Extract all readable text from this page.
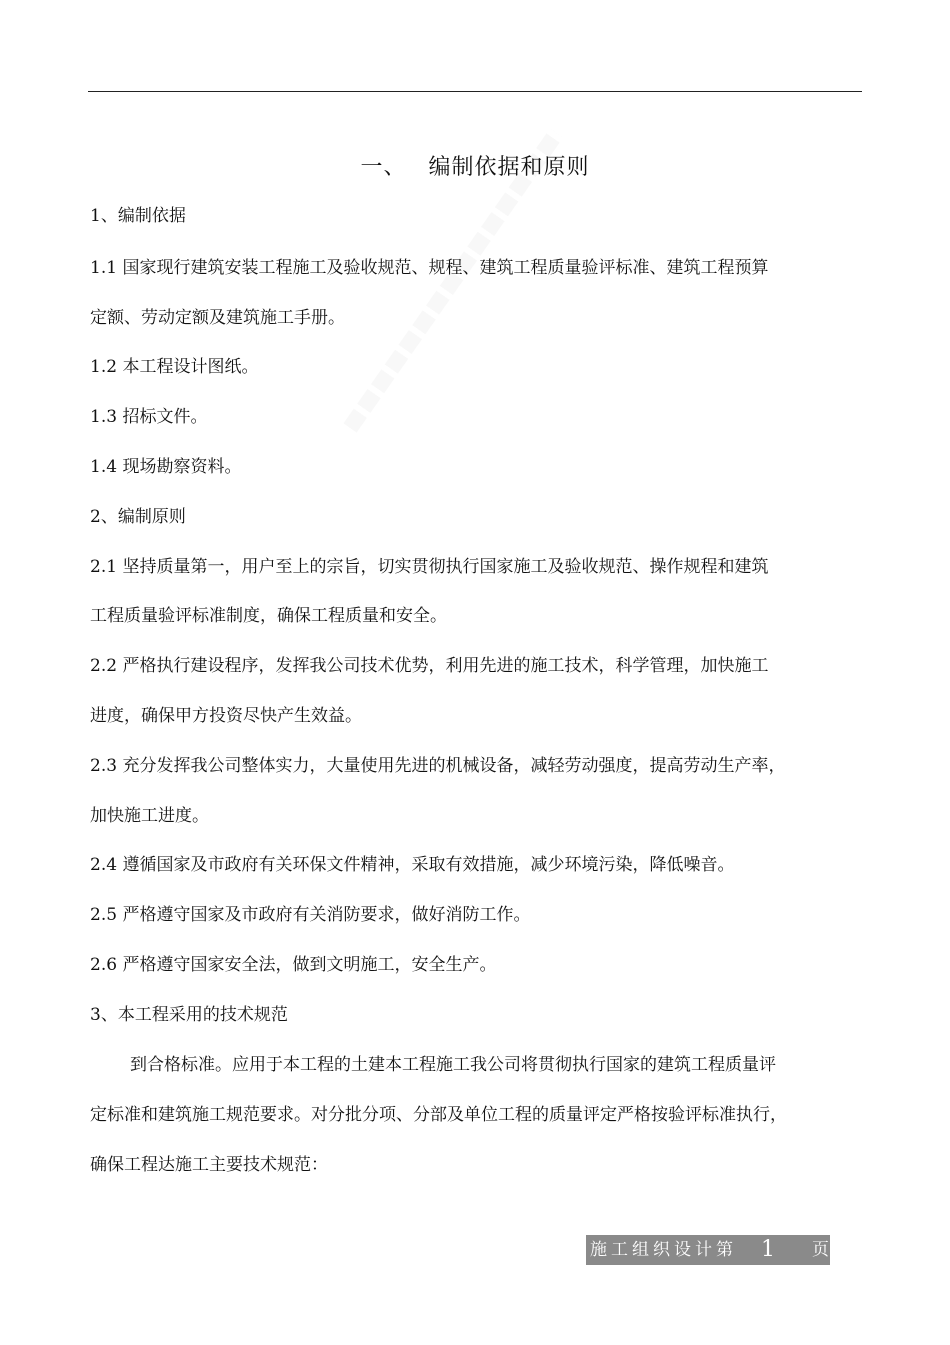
一、 编制依据和原则
1、编制依据
1.1 国家现行建筑安装工程施工及验收规范、规程、建筑工程质量验评标准、建筑工程预算
定额、劳动定额及建筑施工手册。
1.2 本工程设计图纸。
1.3 招标文件。
1.4 现场勘察资料。
2、编制原则
2.1 坚持质量第一，用户至上的宗旨，切实贯彻执行国家施工及验收规范、操作规程和建筑
工程质量验评标准制度，确保工程质量和安全。
2.2 严格执行建设程序，发挥我公司技术优势，利用先进的施工技术，科学管理，加快施工
进度，确保甲方投资尽快产生效益。
2.3 充分发挥我公司整体实力，大量使用先进的机械设备，减轻劳动强度，提高劳动生产率，
加快施工进度。
2.4 遵循国家及市政府有关环保文件精神，采取有效措施，减少环境污染，降低噪音。
2.5 严格遵守国家及市政府有关消防要求，做好消防工作。
2.6 严格遵守国家安全法，做到文明施工，安全生产。
3、本工程采用的技术规范
到合格标准。应用于本工程的土建本工程施工我公司将贯彻执行国家的建筑工程质量评
定标准和建筑施工规范要求。对分批分项、分部及单位工程的质量评定严格按验评标准执行，
确保工程达施工主要技术规范：
施工组织设计第 1 页
